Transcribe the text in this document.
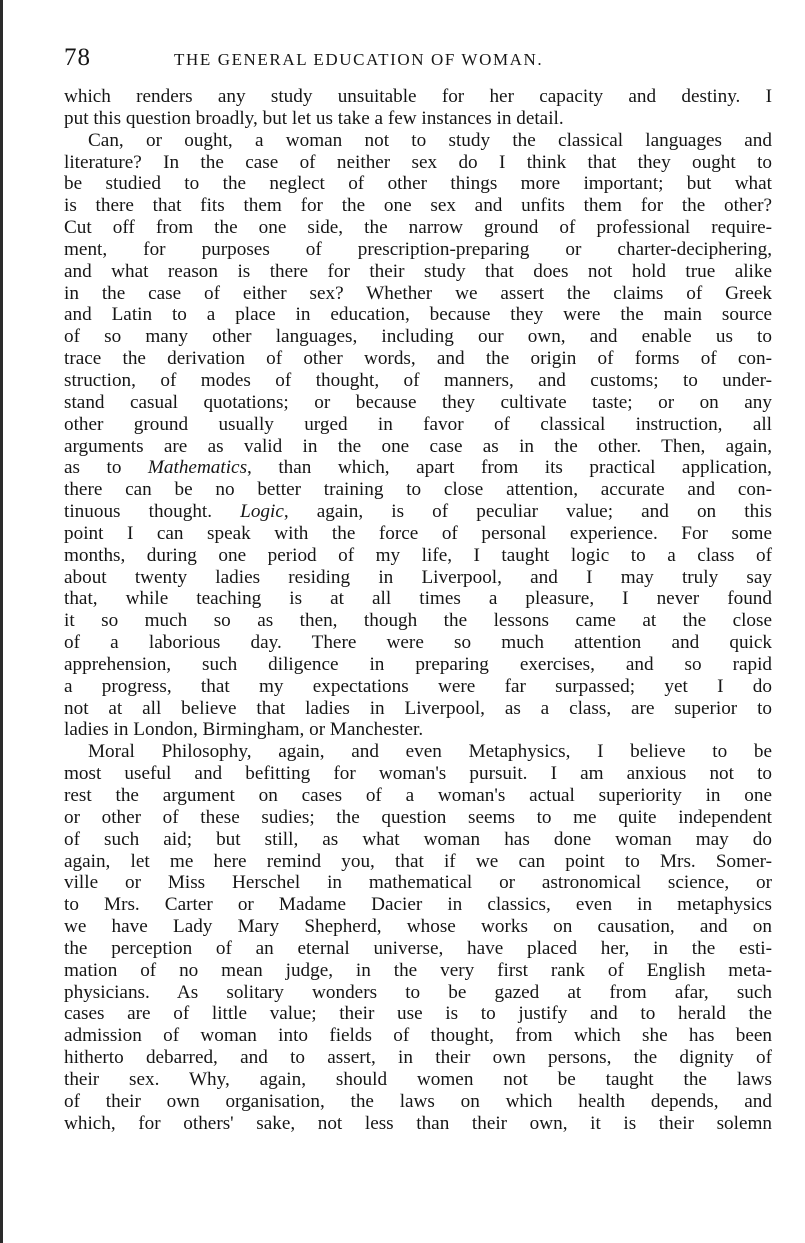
78	THE GENERAL EDUCATION OF WOMAN.
which renders any study unsuitable for her capacity and destiny. I
put this question broadly, but let us take a few instances in detail.
Can, or ought, a woman not to study the classical languages and
literature? In the case of neither sex do I think that they ought to
be studied to the neglect of other things more important; but what
is there that fits them for the one sex and unfits them for the other?
Cut off from the one side, the narrow ground of professional require-
ment, for purposes of prescription-preparing or charter-deciphering,
and what reason is there for their study that does not hold true alike
in the case of either sex? Whether we assert the claims of Greek
and Latin to a place in education, because they were the main source
of so many other languages, including our own, and enable us to
trace the derivation of other words, and the origin of forms of con-
struction, of modes of thought, of manners, and customs; to under-
stand casual quotations; or because they cultivate taste; or on any
other ground usually urged in favor of classical instruction, all
arguments are as valid in the one case as in the other. Then, again,
as to Mathematics, than which, apart from its practical application,
there can be no better training to close attention, accurate and con-
tinuous thought. Logic, again, is of peculiar value; and on this
point I can speak with the force of personal experience. For some
months, during one period of my life, I taught logic to a class of
about twenty ladies residing in Liverpool, and I may truly say
that, while teaching is at all times a pleasure, I never found
it so much so as then, though the lessons came at the close
of a laborious day. There were so much attention and quick
apprehension, such diligence in preparing exercises, and so rapid
a progress, that my expectations were far surpassed; yet I do
not at all believe that ladies in Liverpool, as a class, are superior to
ladies in London, Birmingham, or Manchester.
Moral Philosophy, again, and even Metaphysics, I believe to be
most useful and befitting for woman's pursuit. I am anxious not to
rest the argument on cases of a woman's actual superiority in one
or other of these sudies; the question seems to me quite independent
of such aid; but still, as what woman has done woman may do
again, let me here remind you, that if we can point to Mrs. Somer-
ville or Miss Herschel in mathematical or astronomical science, or
to Mrs. Carter or Madame Dacier in classics, even in metaphysics
we have Lady Mary Shepherd, whose works on causation, and on
the perception of an eternal universe, have placed her, in the esti-
mation of no mean judge, in the very first rank of English meta-
physicians. As solitary wonders to be gazed at from afar, such
cases are of little value; their use is to justify and to herald the
admission of woman into fields of thought, from which she has been
hitherto debarred, and to assert, in their own persons, the dignity of
their sex. Why, again, should women not be taught the laws
of their own organisation, the laws on which health depends, and
which, for others' sake, not less than their own, it is their solemn
